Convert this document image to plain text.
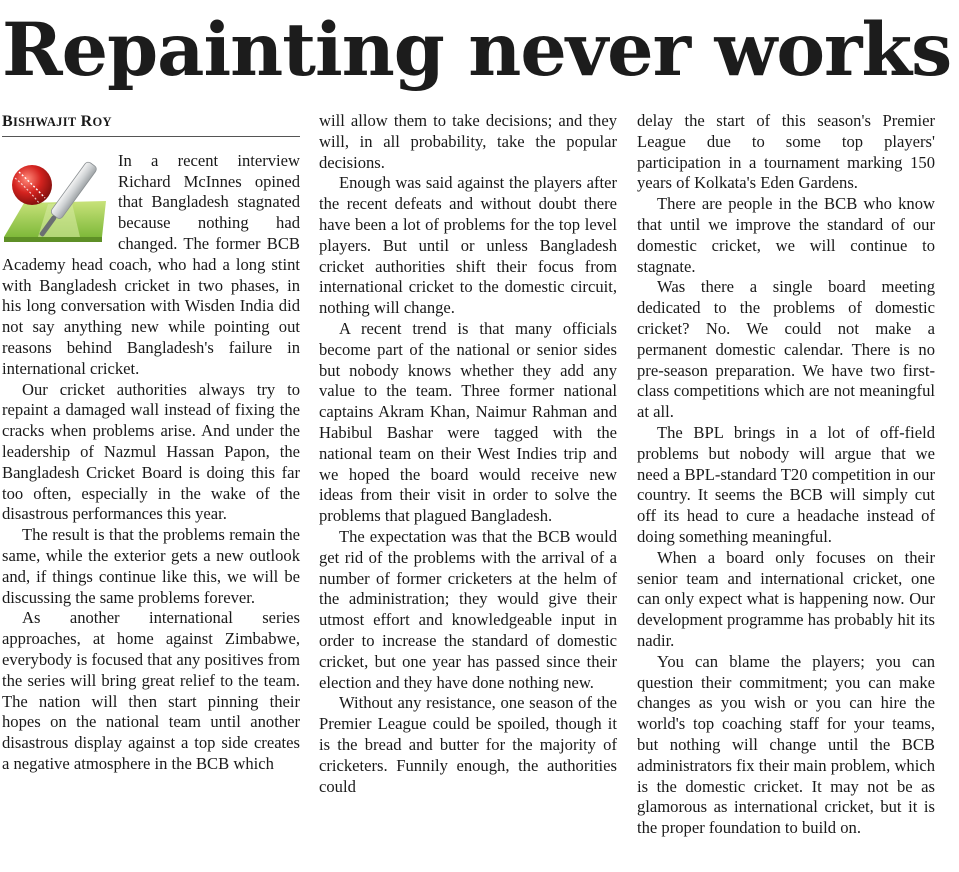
Repainting never works
BISHWAJIT ROY

In a recent interview Richard McInnes opined that Bangladesh stagnated because nothing had changed. The former BCB Academy head coach, who had a long stint with Bangladesh cricket in two phases, in his long conversation with Wisden India did not say anything new while pointing out reasons behind Bangladesh's failure in international cricket.

Our cricket authorities always try to repaint a damaged wall instead of fixing the cracks when problems arise. And under the leadership of Nazmul Hassan Papon, the Bangladesh Cricket Board is doing this far too often, especially in the wake of the disastrous performances this year.

The result is that the problems remain the same, while the exterior gets a new outlook and, if things continue like this, we will be discussing the same problems forever.

As another international series approaches, at home against Zimbabwe, everybody is focused that any positives from the series will bring great relief to the team. The nation will then start pinning their hopes on the national team until another disastrous display against a top side creates a negative atmosphere in the BCB which

will allow them to take decisions; and they will, in all probability, take the popular decisions.

Enough was said against the players after the recent defeats and without doubt there have been a lot of problems for the top level players. But until or unless Bangladesh cricket authorities shift their focus from international cricket to the domestic circuit, nothing will change.

A recent trend is that many officials become part of the national or senior sides but nobody knows whether they add any value to the team. Three former national captains Akram Khan, Naimur Rahman and Habibul Bashar were tagged with the national team on their West Indies trip and we hoped the board would receive new ideas from their visit in order to solve the problems that plagued Bangladesh.

The expectation was that the BCB would get rid of the problems with the arrival of a number of former cricketers at the helm of the administration; they would give their utmost effort and knowledgeable input in order to increase the standard of domestic cricket, but one year has passed since their election and they have done nothing new.

Without any resistance, one season of the Premier League could be spoiled, though it is the bread and butter for the majority of cricketers. Funnily enough, the authorities could

delay the start of this season's Premier League due to some top players' participation in a tournament marking 150 years of Kolkata's Eden Gardens.

There are people in the BCB who know that until we improve the standard of our domestic cricket, we will continue to stagnate.

Was there a single board meeting dedicated to the problems of domestic cricket? No. We could not make a permanent domestic calendar. There is no pre-season preparation. We have two first-class competitions which are not meaningful at all.

The BPL brings in a lot of off-field problems but nobody will argue that we need a BPL-standard T20 competition in our country. It seems the BCB will simply cut off its head to cure a headache instead of doing something meaningful.

When a board only focuses on their senior team and international cricket, one can only expect what is happening now. Our development programme has probably hit its nadir.

You can blame the players; you can question their commitment; you can make changes as you wish or you can hire the world's top coaching staff for your teams, but nothing will change until the BCB administrators fix their main problem, which is the domestic cricket. It may not be as glamorous as international cricket, but it is the proper foundation to build on.
